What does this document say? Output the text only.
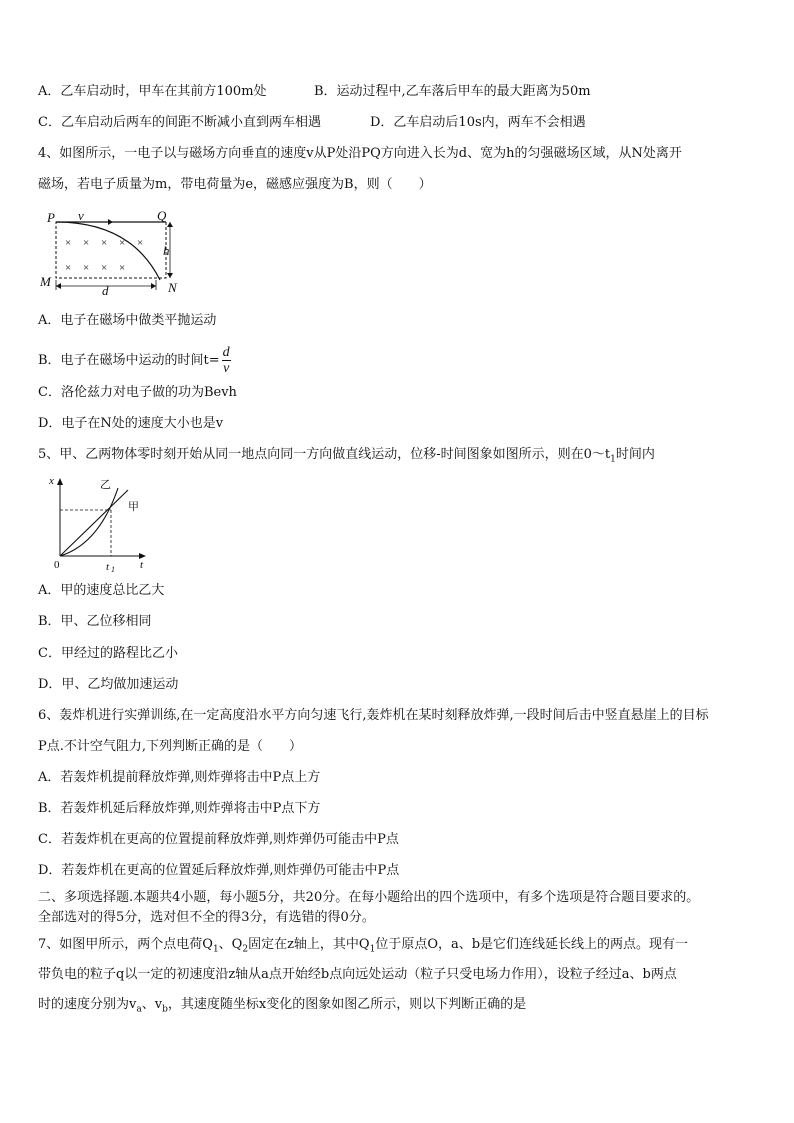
A．乙车启动时，甲车在其前方100m处	B．运动过程中,乙车落后甲车的最大距离为50m
C．乙车启动后两车的间距不断减小直到两车相遇	D．乙车启动后10s内，两车不会相遇
4、如图所示，一电子以与磁场方向垂直的速度v从P处沿PQ方向进入长为d、宽为h的匀强磁场区域，从N处离开
磁场，若电子质量为m，带电荷量为e，磁感应强度为B，则（　　）
× × × × ×
× × × ×
P v	Q
h
M
d	N
A．电子在磁场中做类平抛运动
B．电子在磁场中运动的时间$t= \frac{d}{v}$
C．洛伦兹力对电子做的功为Bevh
D．电子在N处的速度大小也是v
5、甲、乙两物体零时刻开始从同一地点向同一方向做直线运动，位移-时间图象如图所示，则在$0\sim t_1$时间内
x
t
t 1
0
乙
甲
A．甲的速度总比乙大
B．甲、乙位移相同
C．甲经过的路程比乙小
D．甲、乙均做加速运动
6、轰炸机进行实弹训练,在一定高度沿水平方向匀速飞行,轰炸机在某时刻释放炸弹,一段时间后击中竖直悬崖上的目标
P点.不计空气阻力,下列判断正确的是（　　）
A．若轰炸机提前释放炸弹,则炸弹将击中P点上方
B．若轰炸机延后释放炸弹,则炸弹将击中P点下方
C．若轰炸机在更高的位置提前释放炸弹,则炸弹仍可能击中P点
D．若轰炸机在更高的位置延后释放炸弹,则炸弹仍可能击中P点
二、多项选择题.本题共4小题，每小题5分，共20分。在每小题给出的四个选项中，有多个选项是符合题目要求的。
全部选对的得5分，选对但不全的得3分，有选错的得0分。
7、如图甲所示，两个点电荷$Q_1$、$Q_2$固定在z轴上，其中$Q_1$位于原点O，a、b是它们连线延长线上的两点。现有一
带负电的粒子q以一定的初速度沿z轴从a点开始经b点向远处运动（粒子只受电场力作用），设粒子经过a、b两点
时的速度分别为$v_a$、$v_b$，其速度随坐标x变化的图象如图乙所示，则以下判断正确的是
